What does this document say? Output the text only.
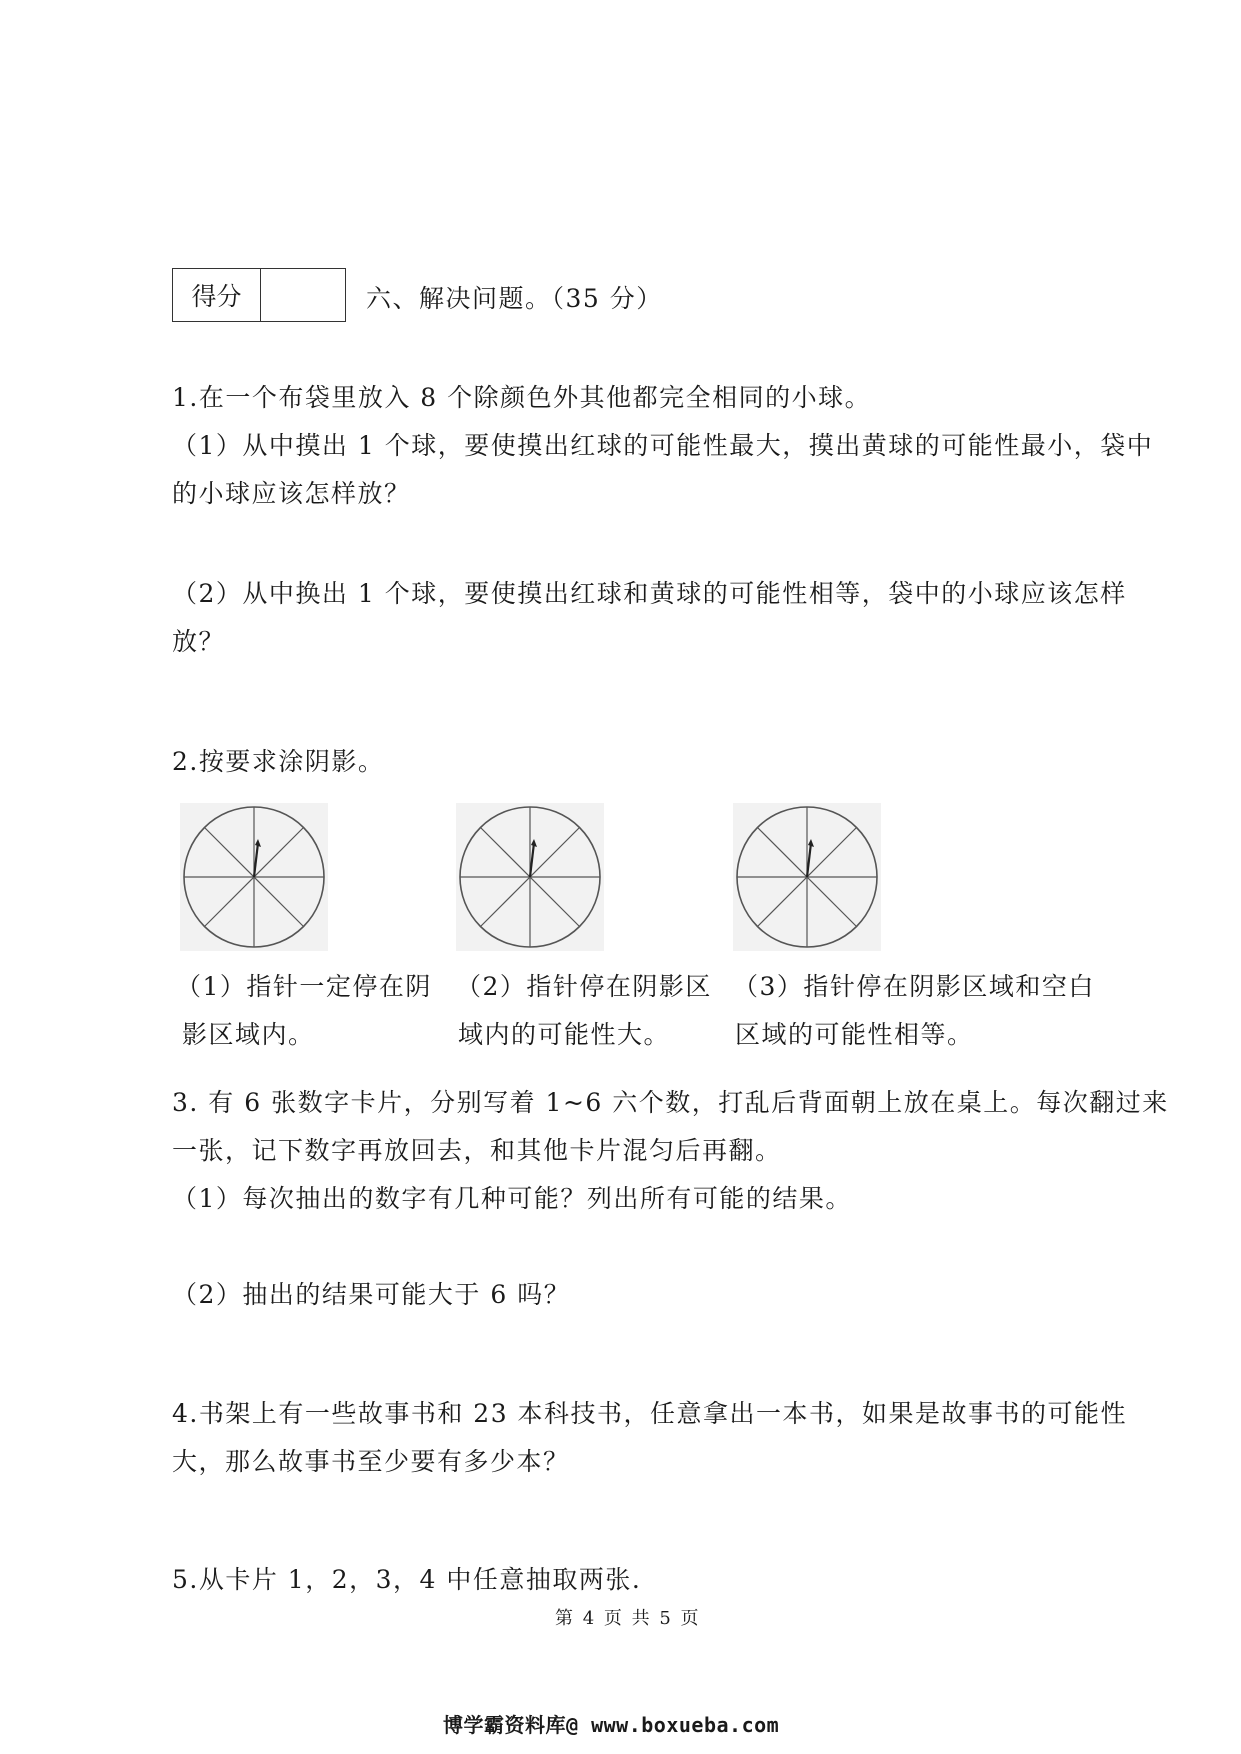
得分	六、解决问题。（35 分）
1.在一个布袋里放入 8 个除颜色外其他都完全相同的小球。
（1）从中摸出 1 个球，要使摸出红球的可能性最大，摸出黄球的可能性最小，袋中
的小球应该怎样放？
（2）从中换出 1 个球，要使摸出红球和黄球的可能性相等，袋中的小球应该怎样
放？
2.按要求涂阴影。
（1）指针一定停在阴
影区域内。
（2）指针停在阴影区
域内的可能性大。
（3）指针停在阴影区域和空白
区域的可能性相等。
3. 有 6 张数字卡片，分别写着 1~6 六个数，打乱后背面朝上放在桌上。每次翻过来
一张，记下数字再放回去，和其他卡片混匀后再翻。
（1）每次抽出的数字有几种可能？列出所有可能的结果。
（2）抽出的结果可能大于 6 吗？
4.书架上有一些故事书和 23 本科技书，任意拿出一本书，如果是故事书的可能性
大，那么故事书至少要有多少本？
5.从卡片 1，2，3，4 中任意抽取两张.
第 4 页 共 5 页
博学霸资料库@ www.boxueba.com
